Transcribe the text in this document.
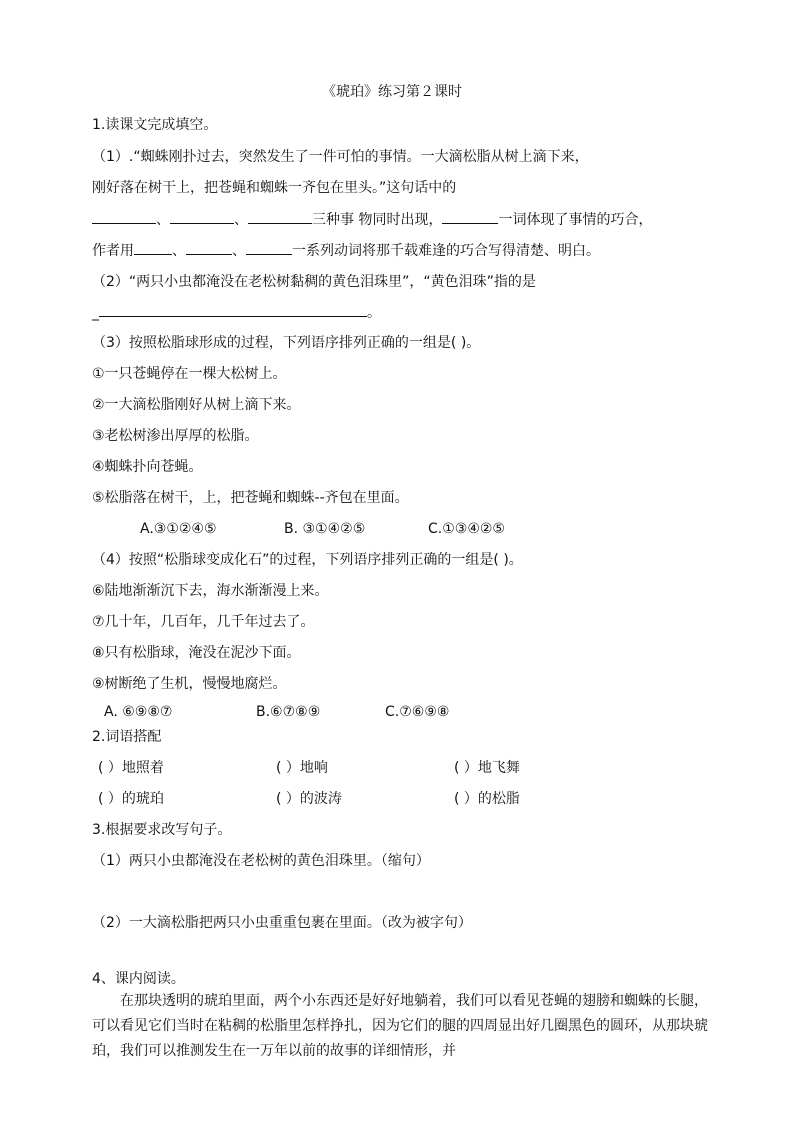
《琥珀》练习第２课时
1.读课文完成填空。
（1）.“蜘蛛刚扑过去，突然发生了一件可怕的事情。一大滴松脂从树上滴下来，
刚好落在树干上，把苍蝇和蜘蛛一齐包在里头。”这句话中的
、	、	三种事 物同时出现，	一词体现了事情的巧合，
作者用	、	、	一系列动词将那千载难逢的巧合写得清楚、明白。
（2）“两只小虫都淹没在老松树黏稠的黄色泪珠里”，“黄色泪珠”指的是
_	。
（3）按照松脂球形成的过程，下列语序排列正确的一组是( )。
①一只苍蝇停在一棵大松树上。
②一大滴松脂刚好从树上滴下来。
③老松树渗出厚厚的松脂。
④蜘蛛扑向苍蝇。
⑤松脂落在树干，上，把苍蝇和蜘蛛--齐包在里面。
A.③①②④⑤	B. ③①④②⑤	C.①③④②⑤
（4）按照“松脂球变成化石”的过程，下列语序排列正确的一组是( )。
⑥陆地渐渐沉下去，海水渐渐漫上来。
⑦几十年，几百年，几千年过去了。
⑧只有松脂球，淹没在泥沙下面。
⑨树断绝了生机，慢慢地腐烂。
A. ⑥⑨⑧⑦	B.⑥⑦⑧⑨	C.⑦⑥⑨⑧
2.词语搭配
( ）地照着	( ）地响	( ）地飞舞
( ）的琥珀	( ）的波涛	( ）的松脂
3.根据要求改写句子。
（1）两只小虫都淹没在老松树的黄色泪珠里。（缩句）
（2）一大滴松脂把两只小虫重重包裹在里面。（改为被字句）
4、课内阅读。
在那块透明的琥珀里面，两个小东西还是好好地躺着，我们可以看见苍蝇的翅膀和蜘蛛的长腿，可以看见它们当时在粘稠的松脂里怎样挣扎，因为它们的腿的四周显出好几圈黑色的圆环，从那块琥珀，我们可以推测发生在一万年以前的故事的详细情形，并
